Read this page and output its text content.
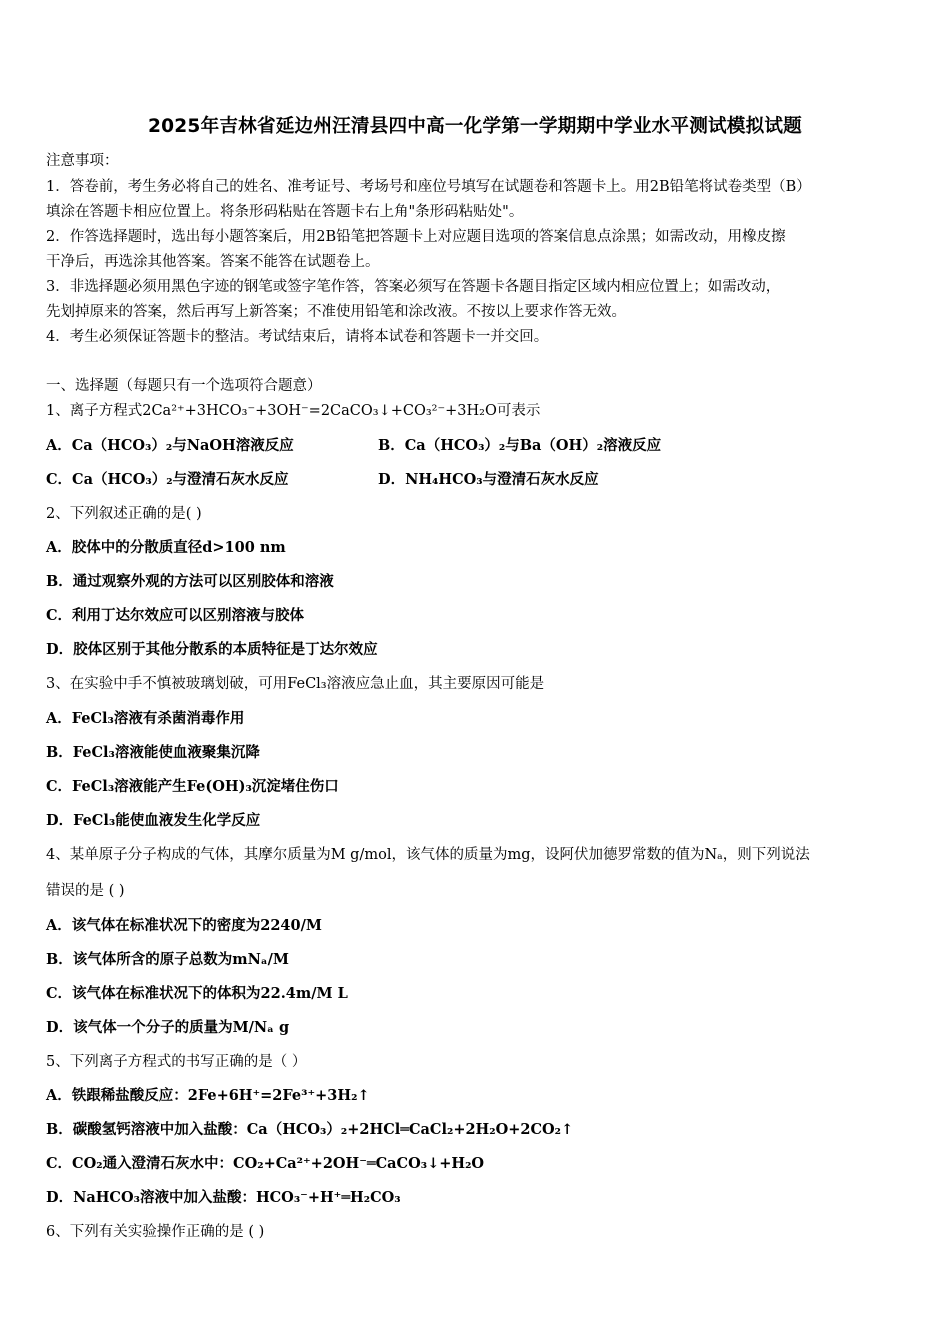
2025年吉林省延边州汪清县四中高一化学第一学期期中学业水平测试模拟试题
注意事项：
1．答卷前，考生务必将自己的姓名、准考证号、考场号和座位号填写在试题卷和答题卡上。用2B铅笔将试卷类型（B）
填涂在答题卡相应位置上。将条形码粘贴在答题卡右上角"条形码粘贴处"。
2．作答选择题时，选出每小题答案后，用2B铅笔把答题卡上对应题目选项的答案信息点涂黑；如需改动，用橡皮擦
干净后，再选涂其他答案。答案不能答在试题卷上。
3．非选择题必须用黑色字迹的钢笔或签字笔作答，答案必须写在答题卡各题目指定区域内相应位置上；如需改动，
先划掉原来的答案，然后再写上新答案；不准使用铅笔和涂改液。不按以上要求作答无效。
4．考生必须保证答题卡的整洁。考试结束后，请将本试卷和答题卡一并交回。
一、选择题（每题只有一个选项符合题意）
1、离子方程式2Ca²⁺+3HCO₃⁻+3OH⁻=2CaCO₃↓+CO₃²⁻+3H₂O可表示
A．Ca（HCO₃）₂与NaOH溶液反应	B．Ca（HCO₃）₂与Ba（OH）₂溶液反应
C．Ca（HCO₃）₂与澄清石灰水反应	D．NH₄HCO₃与澄清石灰水反应
2、下列叙述正确的是( )
A．胶体中的分散质直径d>100 nm
B．通过观察外观的方法可以区别胶体和溶液
C．利用丁达尔效应可以区别溶液与胶体
D．胶体区别于其他分散系的本质特征是丁达尔效应
3、在实验中手不慎被玻璃划破，可用FeCl₃溶液应急止血，其主要原因可能是
A．FeCl₃溶液有杀菌消毒作用
B．FeCl₃溶液能使血液聚集沉降
C．FeCl₃溶液能产生Fe(OH)₃沉淀堵住伤口
D．FeCl₃能使血液发生化学反应
4、某单原子分子构成的气体，其摩尔质量为M g/mol，该气体的质量为mg，设阿伏加德罗常数的值为Nₐ，则下列说法
错误的是 ( )
A．该气体在标准状况下的密度为2240/M
B．该气体所含的原子总数为mNₐ/M
C．该气体在标准状况下的体积为22.4m/M L
D．该气体一个分子的质量为M/Nₐ g
5、下列离子方程式的书写正确的是（ ）
A．铁跟稀盐酸反应：2Fe+6H⁺=2Fe³⁺+3H₂↑
B．碳酸氢钙溶液中加入盐酸：Ca（HCO₃）₂+2HCl═CaCl₂+2H₂O+2CO₂↑
C．CO₂通入澄清石灰水中：CO₂+Ca²⁺+2OH⁻═CaCO₃↓+H₂O
D．NaHCO₃溶液中加入盐酸：HCO₃⁻+H⁺═H₂CO₃
6、下列有关实验操作正确的是 ( )
